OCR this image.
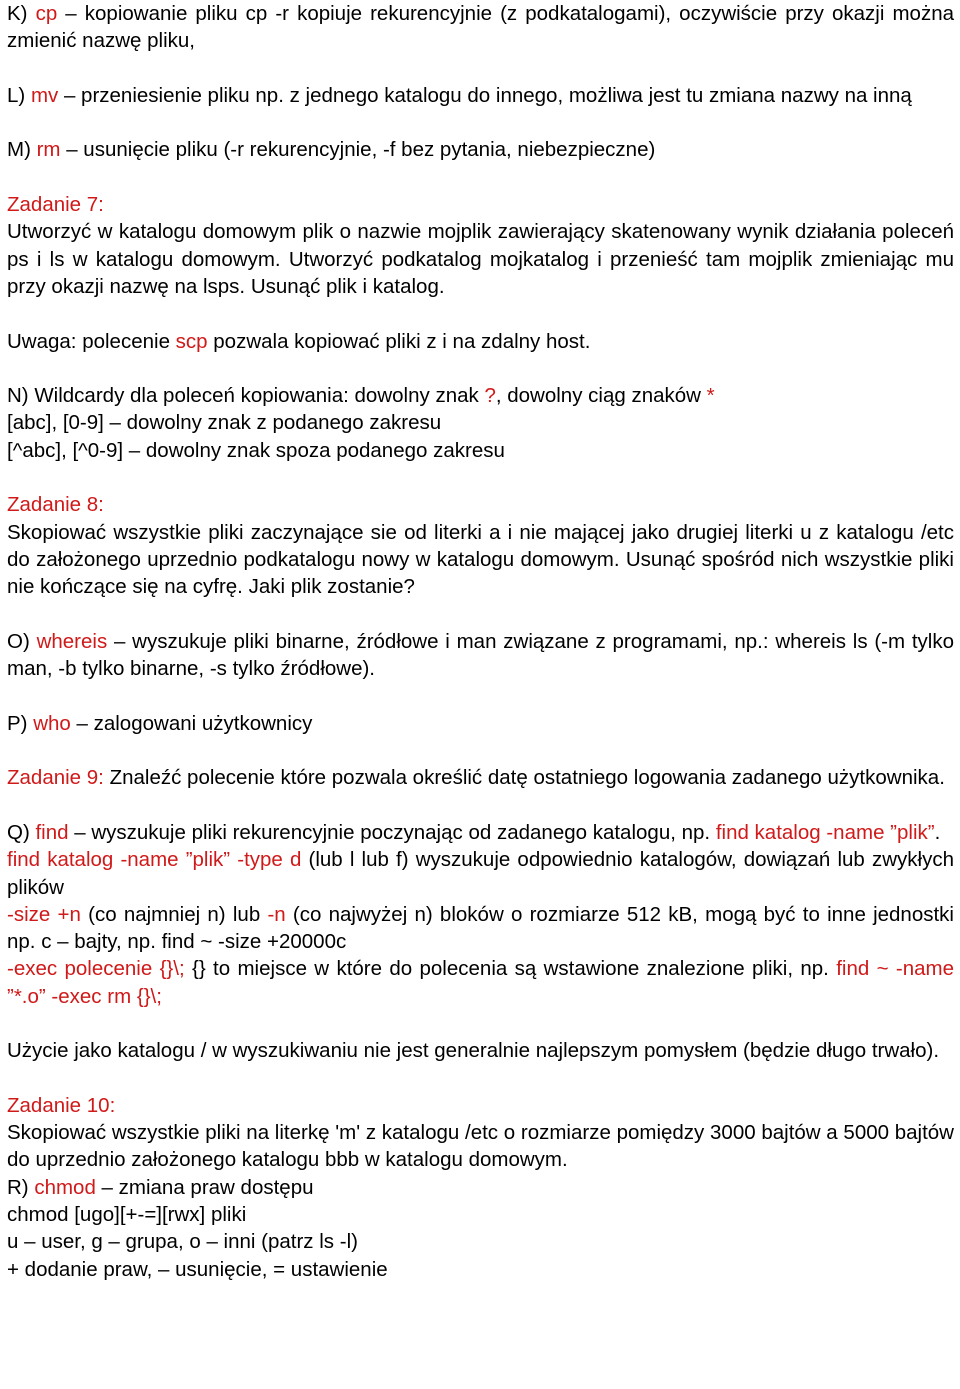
K) cp – kopiowanie pliku cp -r kopiuje rekurencyjnie (z podkatalogami), oczywiście przy okazji można zmienić nazwę pliku,

L) mv – przeniesienie pliku np. z jednego katalogu do innego, możliwa jest tu zmiana nazwy na inną

M) rm – usunięcie pliku (-r rekurencyjnie, -f bez pytania, niebezpieczne)

Zadanie 7:

Utworzyć w katalogu domowym plik o nazwie mojplik zawierający skatenowany wynik działania poleceń ps i ls w katalogu domowym. Utworzyć podkatalog mojkatalog i przenieść tam mojplik zmieniając mu przy okazji nazwę na lsps. Usunąć plik i katalog.

Uwaga: polecenie scp pozwala kopiować pliki z i na zdalny host.

N) Wildcardy dla poleceń kopiowania: dowolny znak ?, dowolny ciąg znaków *

[abc], [0-9] – dowolny znak z podanego zakresu

[^abc], [^0-9] – dowolny znak spoza podanego zakresu

Zadanie 8:

Skopiować wszystkie pliki zaczynające sie od literki a i nie mającej jako drugiej literki u z katalogu /etc do założonego uprzednio podkatalogu nowy w katalogu domowym. Usunąć spośród nich wszystkie pliki nie kończące się na cyfrę. Jaki plik zostanie?

O) whereis – wyszukuje pliki binarne, źródłowe i man związane z programami, np.: whereis ls (-m tylko man, -b tylko binarne, -s tylko źródłowe).

P) who – zalogowani użytkownicy

Zadanie 9: Znaleźć polecenie które pozwala określić datę ostatniego logowania zadanego użytkownika.

Q) find – wyszukuje pliki rekurencyjnie poczynając od zadanego katalogu, np. find katalog -name ”plik”.

find katalog -name ”plik” -type d (lub l lub f) wyszukuje odpowiednio katalogów, dowiązań lub zwykłych plików

-size +n (co najmniej n) lub -n (co najwyżej n) bloków o rozmiarze 512 kB, mogą być to inne jednostki np. c – bajty, np. find ~ -size +20000c

-exec polecenie {}\; {} to miejsce w które do polecenia są wstawione znalezione pliki, np. find ~ -name ”*.o” -exec rm {}\;

Użycie jako katalogu / w wyszukiwaniu nie jest generalnie najlepszym pomysłem (będzie długo trwało).

Zadanie 10:

Skopiować wszystkie pliki na literkę 'm' z katalogu /etc o rozmiarze pomiędzy 3000 bajtów a 5000 bajtów do uprzednio założonego katalogu bbb w katalogu domowym.

R) chmod – zmiana praw dostępu

chmod [ugo][+-=][rwx] pliki

u – user, g – grupa, o – inni (patrz ls -l)

+ dodanie praw, – usunięcie, = ustawienie
